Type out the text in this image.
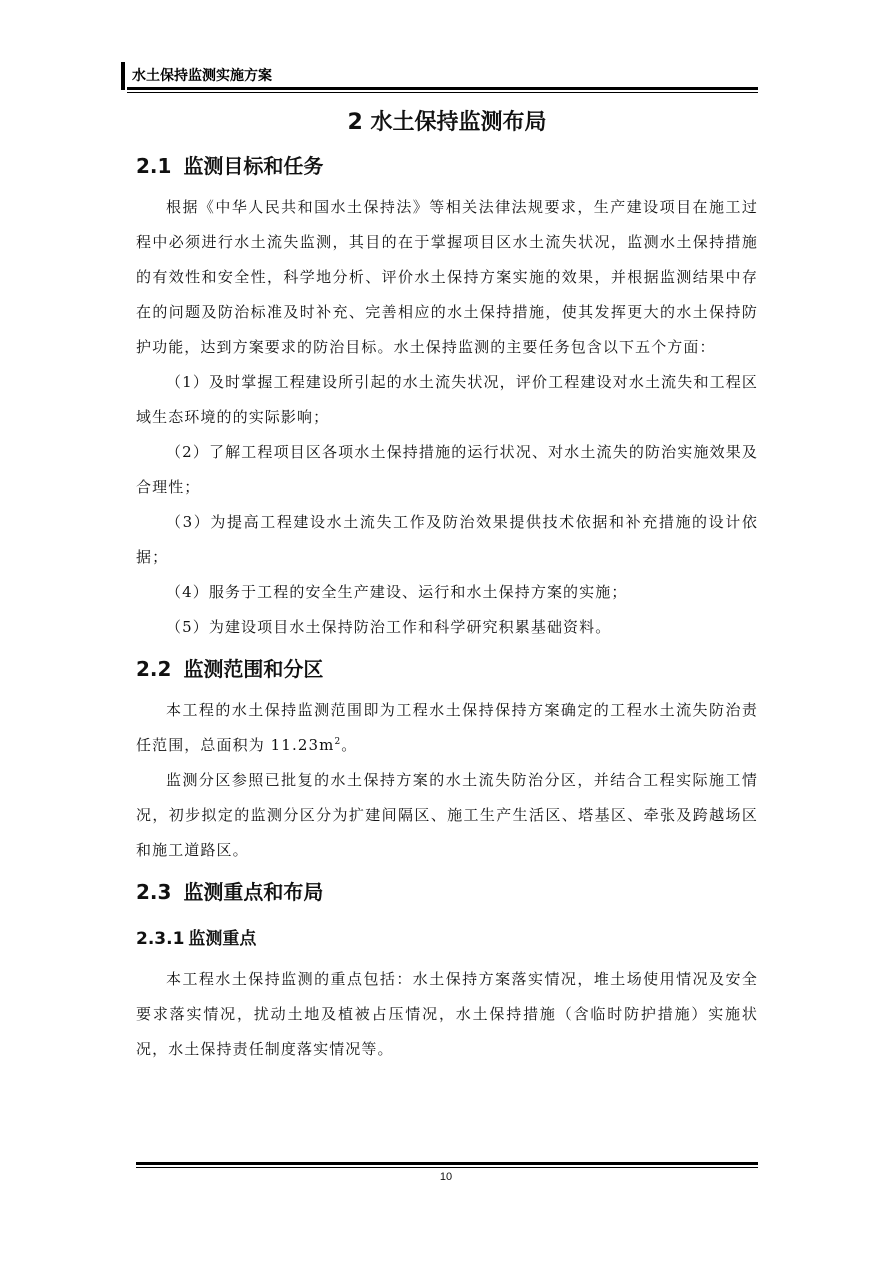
水土保持监测实施方案
2 水土保持监测布局
2.1 监测目标和任务

根据《中华人民共和国水土保持法》等相关法律法规要求，生产建设项目在施工过程中必须进行水土流失监测，其目的在于掌握项目区水土流失状况，监测水土保持措施的有效性和安全性，科学地分析、评价水土保持方案实施的效果，并根据监测结果中存在的问题及防治标准及时补充、完善相应的水土保持措施，使其发挥更大的水土保持防护功能，达到方案要求的防治目标。水土保持监测的主要任务包含以下五个方面：

（1）及时掌握工程建设所引起的水土流失状况，评价工程建设对水土流失和工程区域生态环境的的实际影响；

（2）了解工程项目区各项水土保持措施的运行状况、对水土流失的防治实施效果及合理性；

（3）为提高工程建设水土流失工作及防治效果提供技术依据和补充措施的设计依据；

（4）服务于工程的安全生产建设、运行和水土保持方案的实施；

（5）为建设项目水土保持防治工作和科学研究积累基础资料。

2.2 监测范围和分区

本工程的水土保持监测范围即为工程水土保持保持方案确定的工程水土流失防治责任范围，总面积为 $11.23m^2$。

监测分区参照已批复的水土保持方案的水土流失防治分区，并结合工程实际施工情况，初步拟定的监测分区分为扩建间隔区、施工生产生活区、塔基区、牵张及跨越场区和施工道路区。

2.3 监测重点和布局
2.3.1 监测重点

本工程水土保持监测的重点包括：水土保持方案落实情况，堆土场使用情况及安全要求落实情况，扰动土地及植被占压情况，水土保持措施（含临时防护措施）实施状况，水土保持责任制度落实情况等。

10
